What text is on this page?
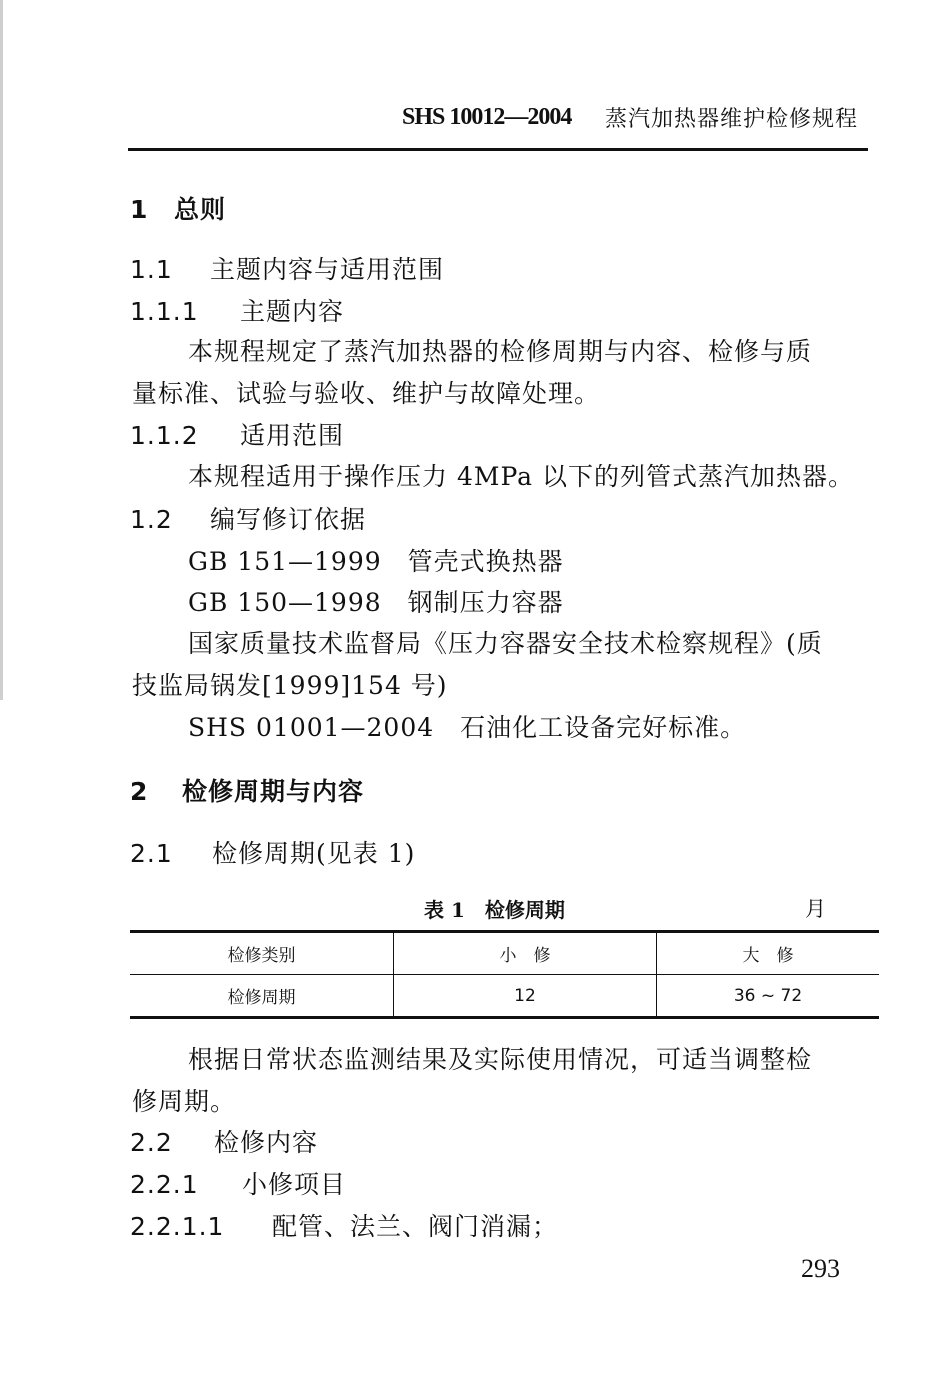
SHS 10012—2004 蒸汽加热器维护检修规程
1 总则
1.1 主题内容与适用范围
1.1.1 主题内容
本规程规定了蒸汽加热器的检修周期与内容、检修与质
量标准、试验与验收、维护与故障处理。
1.1.2 适用范围
本规程适用于操作压力 4MPa 以下的列管式蒸汽加热器。
1.2 编写修订依据
GB 151—1999　管壳式换热器
GB 150—1998　钢制压力容器
国家质量技术监督局《压力容器安全技术检察规程》(质
技监局锅发[1999]154 号)
SHS 01001—2004　石油化工设备完好标准。
2 检修周期与内容
2.1 检修周期(见表 1)
表 1　检修周期	月
检修类别	小　修	大　修
检修周期	12	36 ~ 72
根据日常状态监测结果及实际使用情况，可适当调整检
修周期。
2.2 检修内容
2.2.1 小修项目
2.2.1.1 配管、法兰、阀门消漏；
293
